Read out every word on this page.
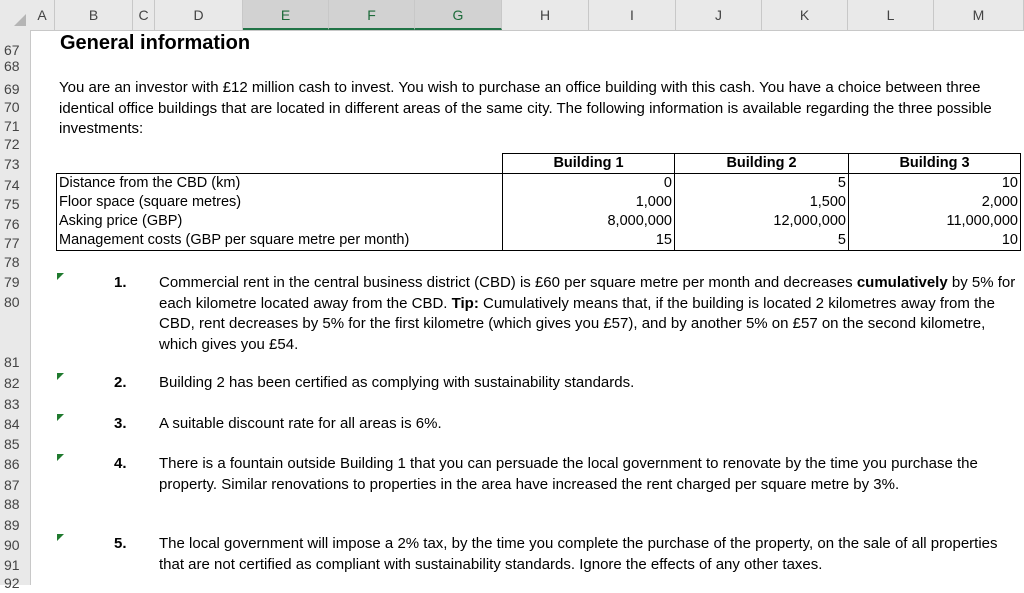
A	B	C	D	E	F	G	H	I	J	K	L	M
67
68
69
70
71
72
73
74
75
76
77
78
79
80
81
82
83
84
85
86
87
88
89
90
91
92
General information
You are an investor with £12 million cash to invest. You wish to purchase an office building with this cash. You have a choice between three identical office buildings that are located in different areas of the same city. The following information is available regarding the three possible investments:
	Building 1	Building 2	Building 3
Distance from the CBD (km)	0	5	10
Floor space (square metres)	1,000	1,500	2,000
Asking price (GBP)	8,000,000	12,000,000	11,000,000
Management costs (GBP per square metre per month)	15	5	10
1. Commercial rent in the central business district (CBD) is £60 per square metre per month and decreases cumulatively by 5% for each kilometre located away from the CBD. Tip: Cumulatively means that, if the building is located 2 kilometres away from the CBD, rent decreases by 5% for the first kilometre (which gives you £57), and by another 5% on £57 on the second kilometre, which gives you £54.
2. Building 2 has been certified as complying with sustainability standards.
3. A suitable discount rate for all areas is 6%.
4. There is a fountain outside Building 1 that you can persuade the local government to renovate by the time you purchase the property. Similar renovations to properties in the area have increased the rent charged per square metre by 3%.
5. The local government will impose a 2% tax, by the time you complete the purchase of the property, on the sale of all properties that are not certified as compliant with sustainability standards. Ignore the effects of any other taxes.
